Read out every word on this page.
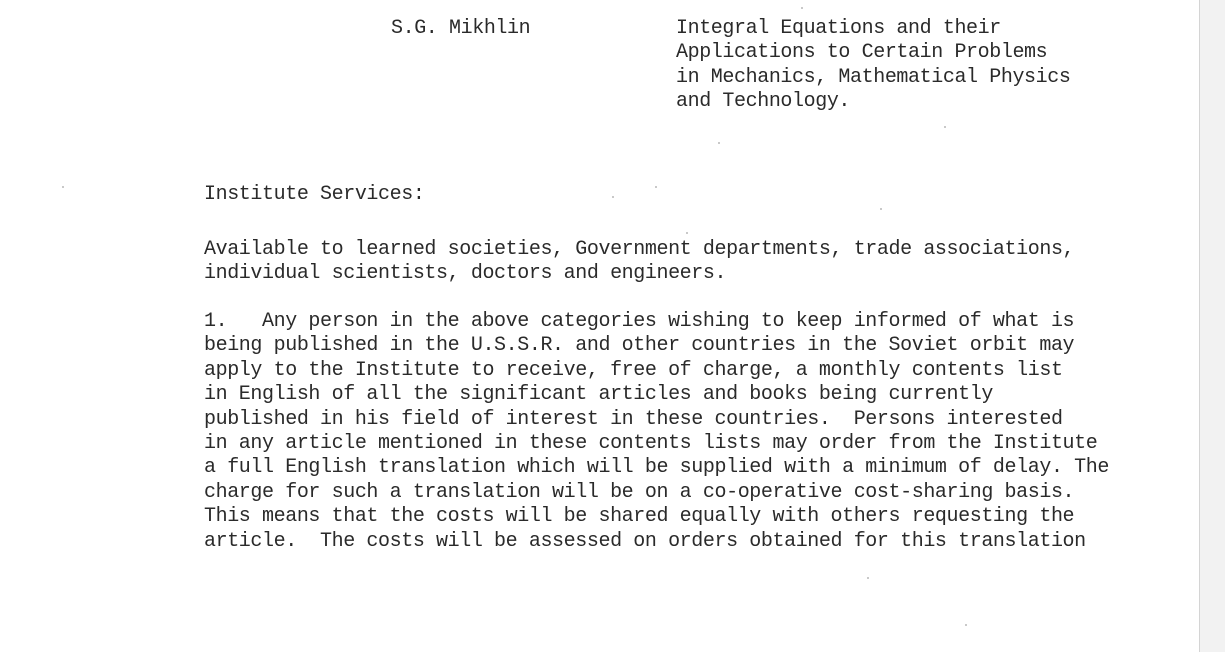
S.G. Mikhlin	Integral Equations and their
Applications to Certain Problems
in Mechanics, Mathematical Physics
and Technology.
Institute Services:
Available to learned societies, Government departments, trade associations,
individual scientists, doctors and engineers.
1.   Any person in the above categories wishing to keep informed of what is
being published in the U.S.S.R. and other countries in the Soviet orbit may
apply to the Institute to receive, free of charge, a monthly contents list
in English of all the significant articles and books being currently
published in his field of interest in these countries.  Persons interested
in any article mentioned in these contents lists may order from the Institute
a full English translation which will be supplied with a minimum of delay. The
charge for such a translation will be on a co-operative cost-sharing basis.
This means that the costs will be shared equally with others requesting the
article.  The costs will be assessed on orders obtained for this translation
